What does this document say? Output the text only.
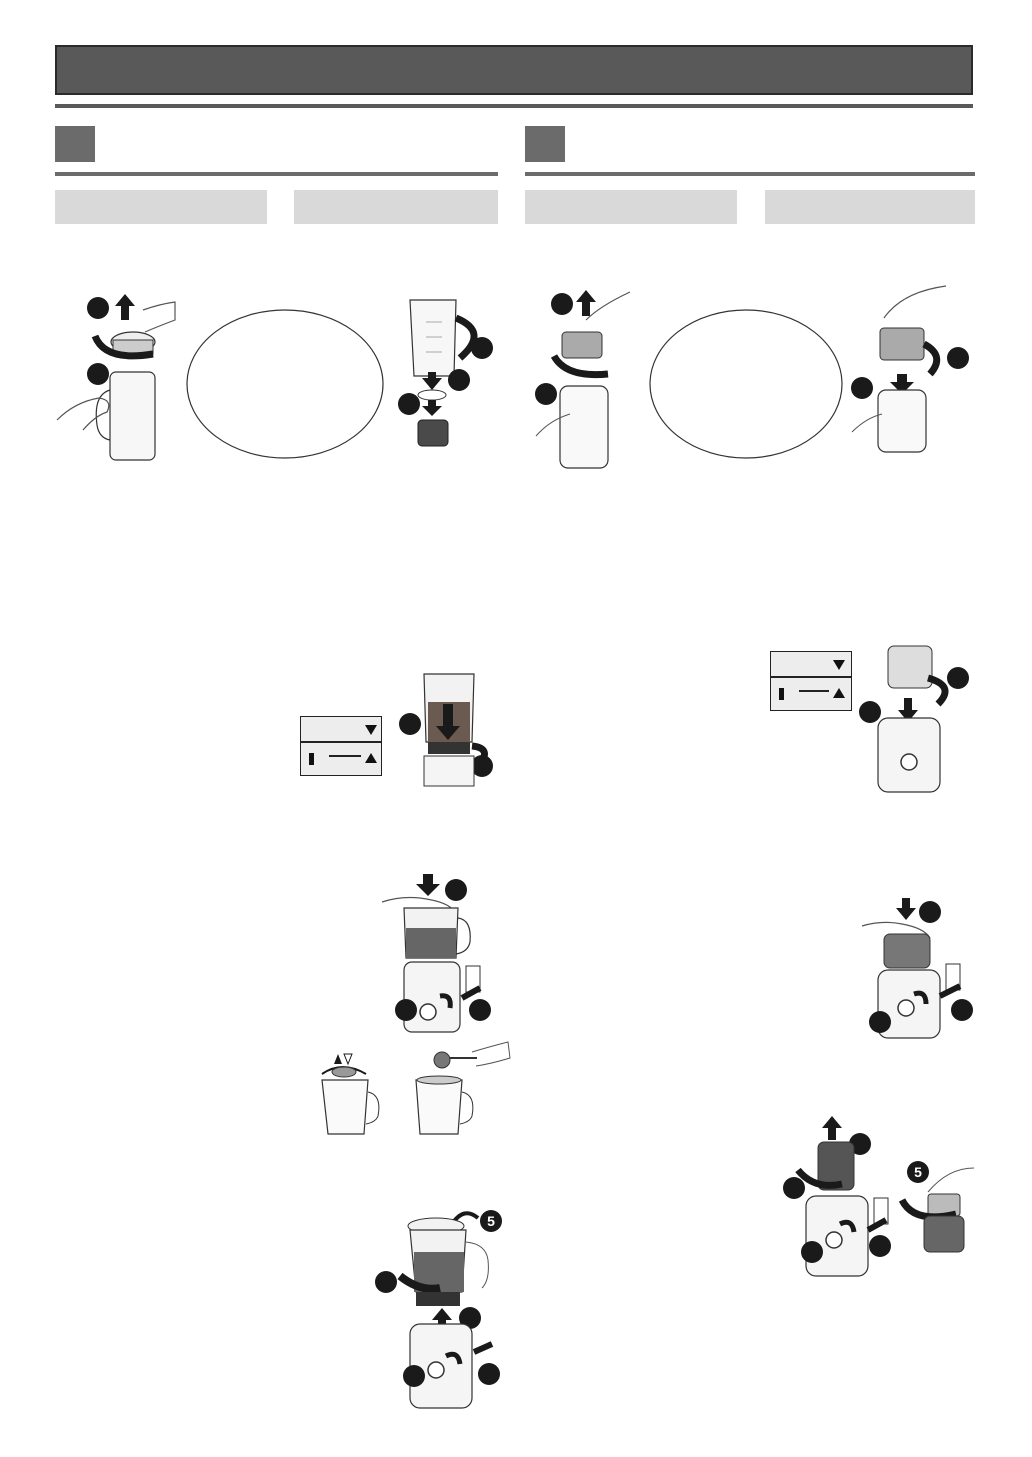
5
5
